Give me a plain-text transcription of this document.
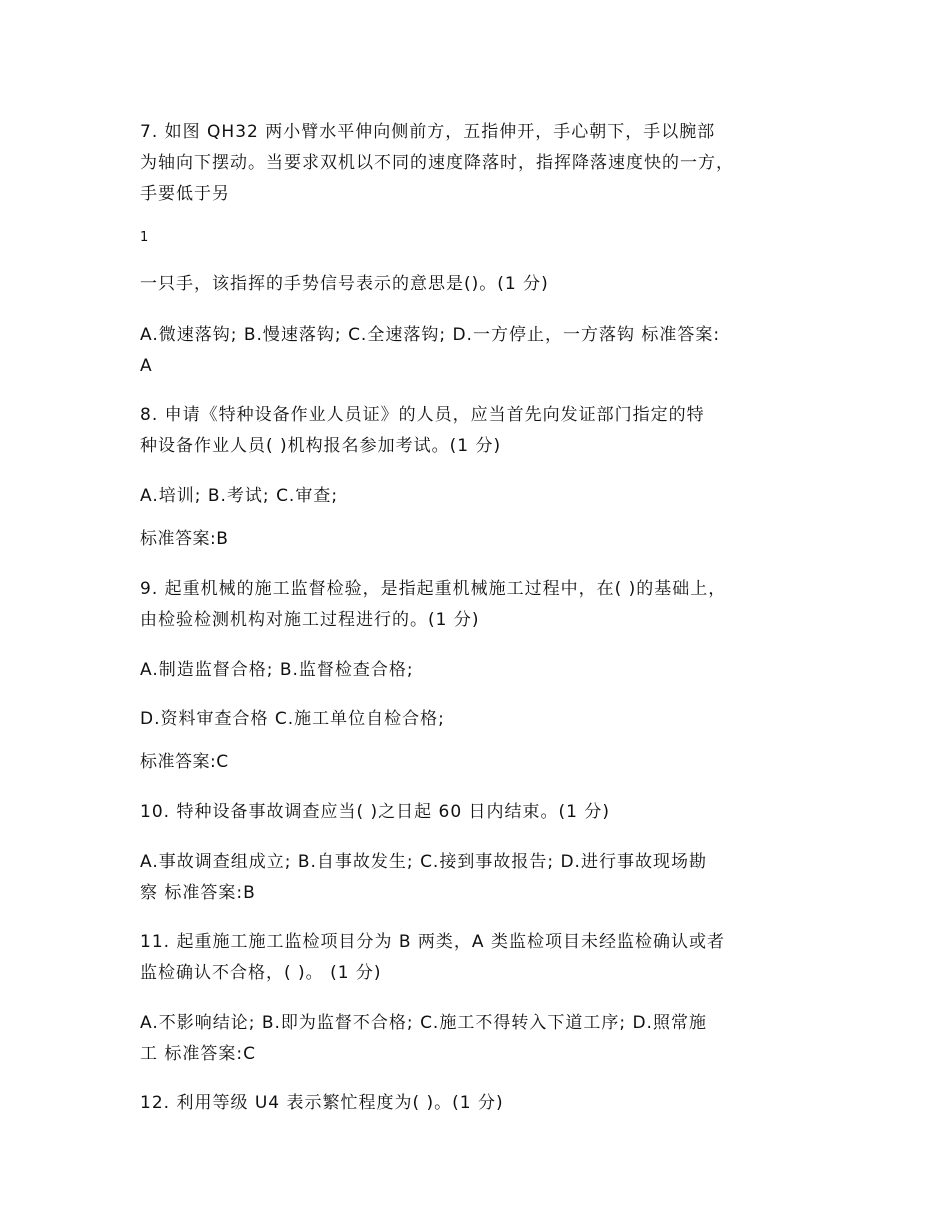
7. 如图 QH32 两小臂水平伸向侧前方，五指伸开，手心朝下，手以腕部
为轴向下摆动。当要求双机以不同的速度降落时，指挥降落速度快的一方，
手要低于另
1
一只手，该指挥的手势信号表示的意思是()。(1 分)
A.微速落钩; B.慢速落钩; C.全速落钩; D.一方停止，一方落钩 标准答案:
A
8. 申请《特种设备作业人员证》的人员，应当首先向发证部门指定的特
种设备作业人员( )机构报名参加考试。(1 分)
A.培训; B.考试; C.审查;
标准答案:B
9. 起重机械的施工监督检验，是指起重机械施工过程中，在( )的基础上，
由检验检测机构对施工过程进行的。(1 分)
A.制造监督合格; B.监督检查合格;
D.资料审查合格 C.施工单位自检合格;
标准答案:C
10. 特种设备事故调查应当( )之日起 60 日内结束。(1 分)
A.事故调查组成立; B.自事故发生; C.接到事故报告; D.进行事故现场勘
察 标准答案:B
11. 起重施工施工监检项目分为 B 两类，A 类监检项目未经监检确认或者
监检确认不合格，( )。 (1 分)
A.不影响结论; B.即为监督不合格; C.施工不得转入下道工序; D.照常施
工 标准答案:C
12. 利用等级 U4 表示繁忙程度为( )。(1 分)
